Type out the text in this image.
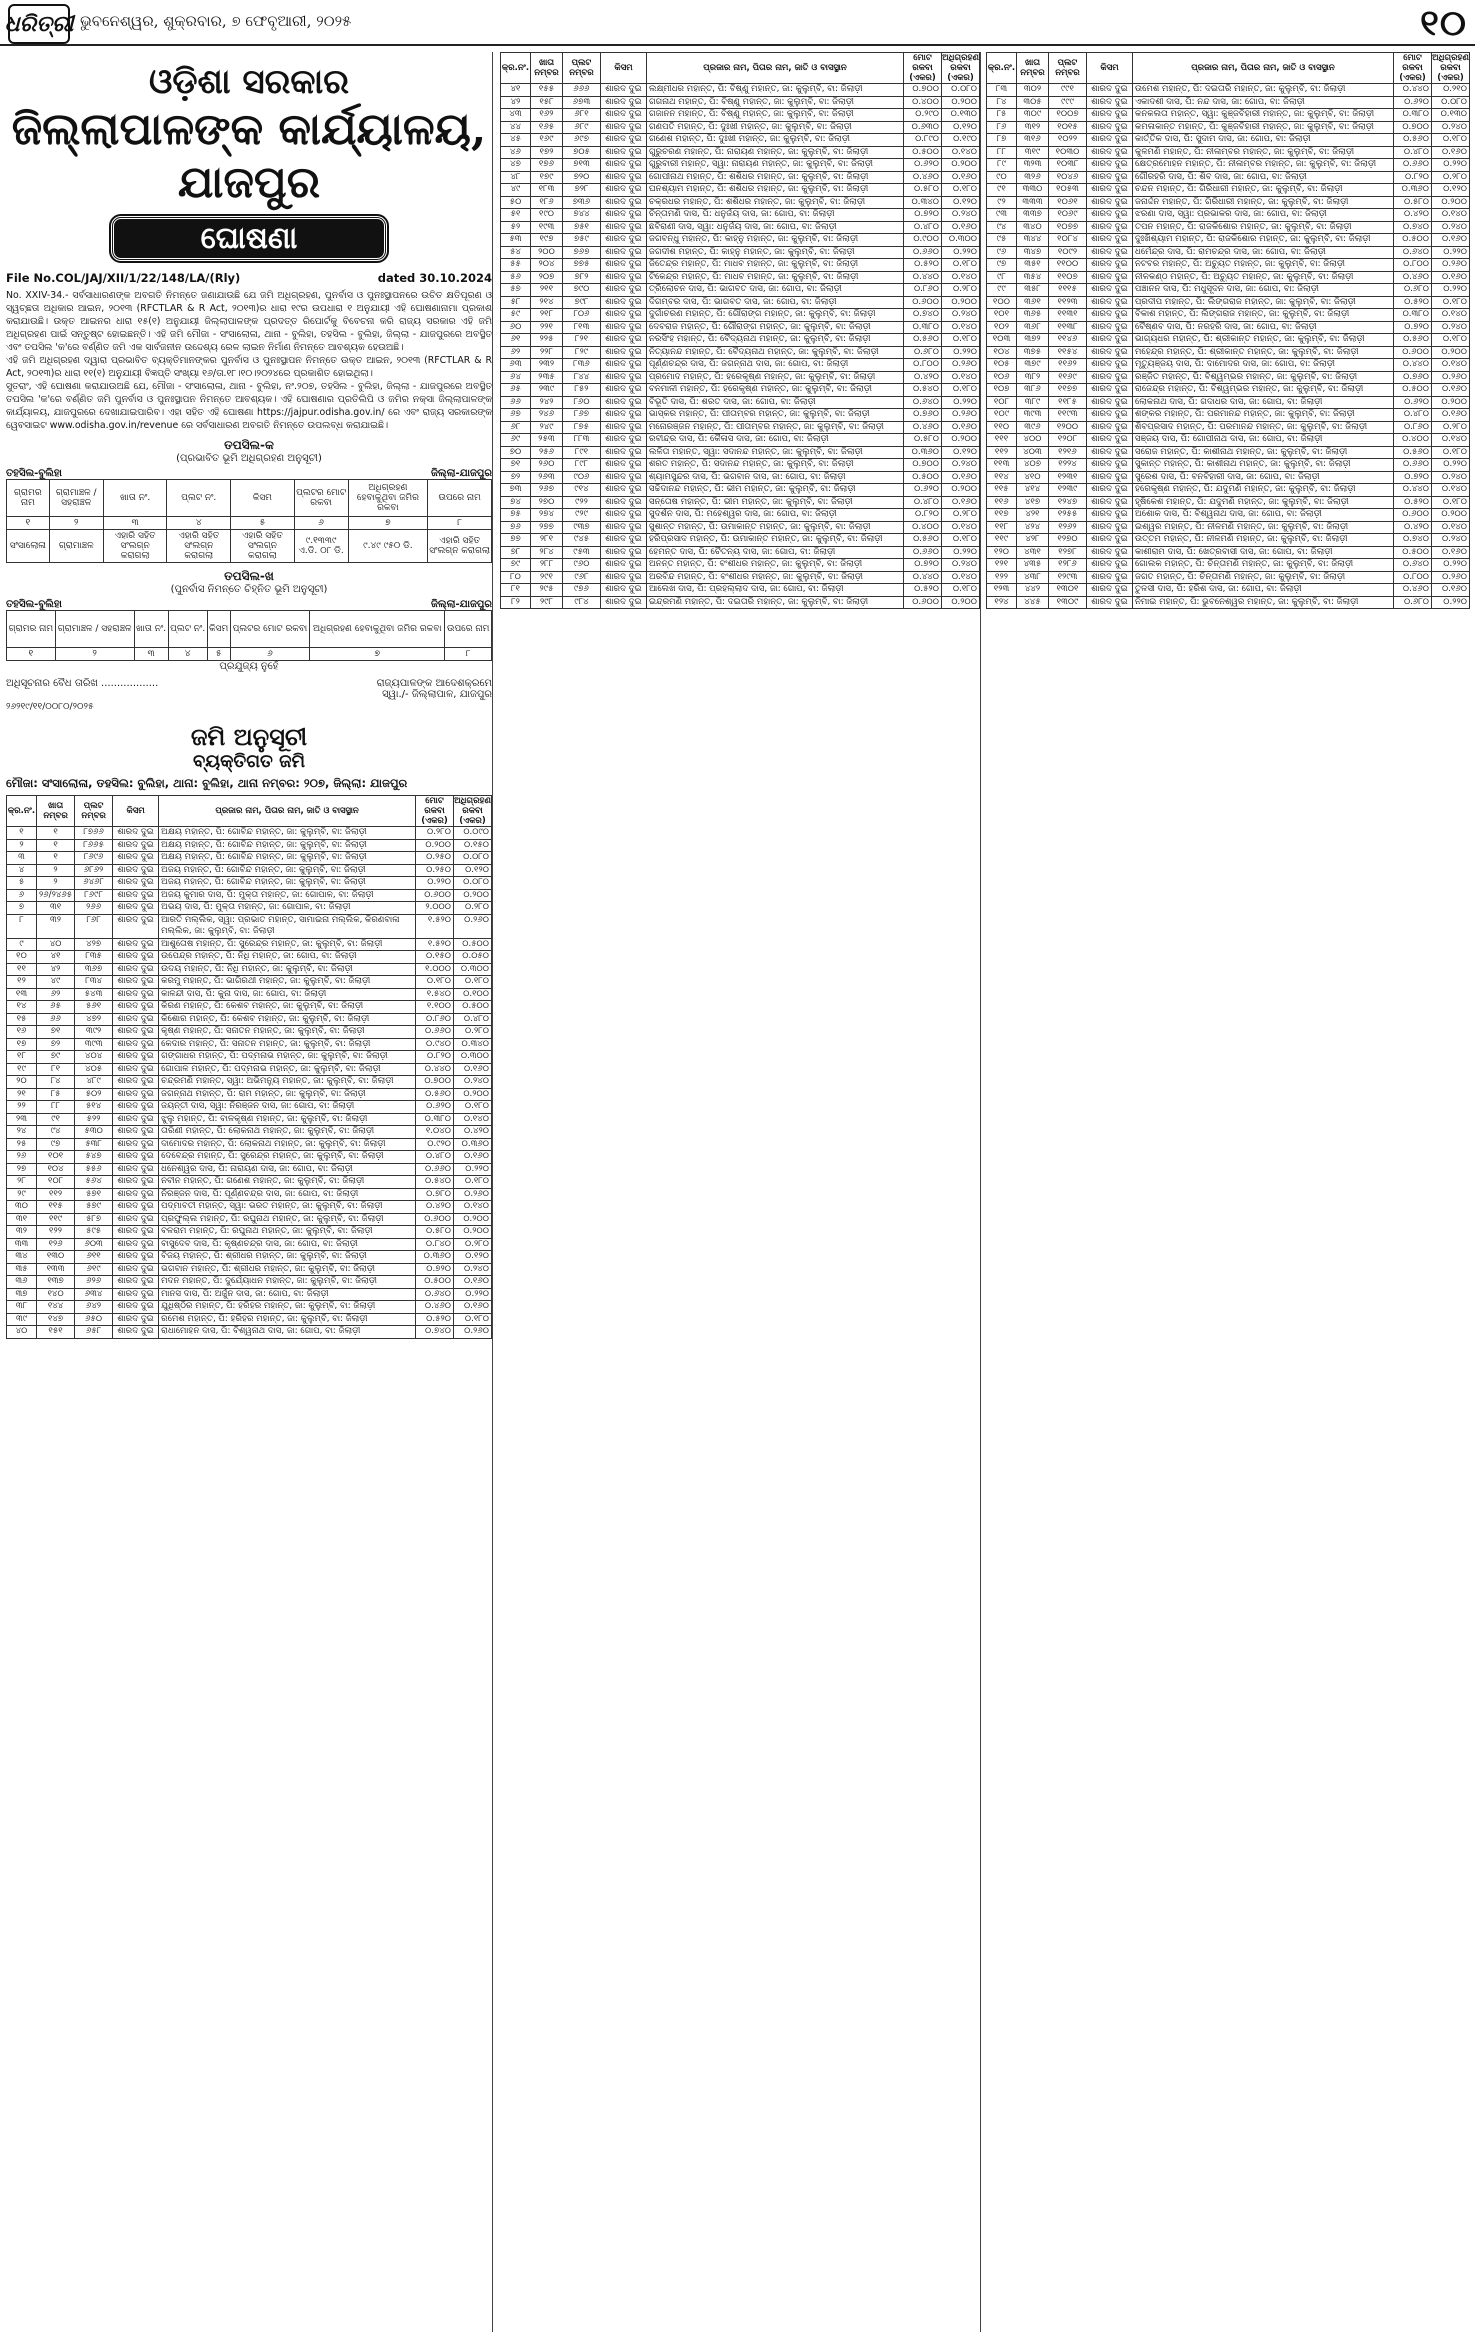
ଧରିତ୍ରୀ ଭୁବନେଶ୍ୱର, ଶୁକ୍ରବାର, ୭ ଫେବୃଆରୀ, ୨୦୨୫	୧୦
ଓଡ଼ିଶା ସରକାର
ଜିଲ୍ଲାପାଳଙ୍କ କାର୍ଯ୍ୟାଳୟ,
ଯାଜପୁର
ଘୋଷଣା
File No.COL/JAJ/XII/1/22/148/LA/(Rly)	dated 30.10.2024
No. XXIV-34.- ସର୍ବସାଧାରଣଙ୍କ ଅବଗତି ନିମନ୍ତେ ଜଣାଯାଉଛି ଯେ ଜମି ଅଧିଗ୍ରହଣ, ପୁନର୍ବାସ ଓ ପୁନଃସ୍ଥାପନରେ ଉଚିତ କ୍ଷତିପୂରଣ ଓ ସ୍ୱଚ୍ଛତା ଅଧିକାର ଆଇନ, ୨୦୧୩ (RFCTLAR & R Act, ୨୦୧୩)ର ଧାରା ୧୯ର ଉପଧାରା ୧ ଅନୁଯାୟୀ ଏହି ଘୋଷଣାନାମା ପ୍ରକାଶ କରାଯାଉଛି। ଉକ୍ତ ଆଇନର ଧାରା ୧୫(୧) ଅନୁଯାୟୀ ଜିଲ୍ଲାପାଳଙ୍କ ପ୍ରଦତ୍ତ ରିପୋର୍ଟକୁ ବିବେଚନା କରି ରାଜ୍ୟ ସରକାର ଏହି ଜମି ଅଧିଗ୍ରହଣ ପାଇଁ ସନ୍ତୁଷ୍ଟ ହୋଇଛନ୍ତି। ଏହି ଜମି ମୌଜା - ସଂସାଲୋଳା, ଥାନା - ବୁଲିହା, ତହସିଲ - ବୁଲିହା, ଜିଲ୍ଲା - ଯାଜପୁରରେ ଅବସ୍ଥିତ ଏବଂ ତପସିଲ 'କ'ରେ ବର୍ଣ୍ଣିତ ଜମି ଏକ ସାର୍ବଜନୀନ ଉଦ୍ଦେଶ୍ୟ ରେଳ ଲାଇନ ନିର୍ମାଣ ନିମନ୍ତେ ଆବଶ୍ୟକ ହେଉଅଛି।
ଏହି ଜମି ଅଧିଗ୍ରହଣ ଦ୍ୱାରା ପ୍ରଭାବିତ ବ୍ୟକ୍ତିମାନଙ୍କର ପୁନର୍ବାସ ଓ ପୁନଃସ୍ଥାପନ ନିମନ୍ତେ ଉକ୍ତ ଆଇନ, ୨୦୧୩ (RFCTLAR & R Act, ୨୦୧୩)ର ଧାରା ୧୧(୧) ଅନୁଯାୟୀ ବିଜ୍ଞପ୍ତି ସଂଖ୍ୟା ୧୬/ତା.୧୮।୧୦।୨୦୨୪ରେ ପ୍ରକାଶିତ ହୋଇଥିଲା।
ସୁତରାଂ, ଏହି ଘୋଷଣା କରାଯାଉଅଛି ଯେ, ମୌଜା - ସଂସାଲୋଳା, ଥାନା - ବୁଲିହା, ନଂ.୨୦୭, ତହସିଲ - ବୁଲିହା, ଜିଲ୍ଲା - ଯାଜପୁରରେ ଅବସ୍ଥିତ ତପସିଲ 'କ'ରେ ବର୍ଣ୍ଣିତ ଜମି ପୁନର୍ବାସ ଓ ପୁନଃସ୍ଥାପନ ନିମନ୍ତେ ଆବଶ୍ୟକ। ଏହି ଘୋଷଣାର ପ୍ରତିଲିପି ଓ ଜମିର ନକ୍ସା ଜିଲ୍ଲାପାଳଙ୍କ କାର୍ଯ୍ୟାଳୟ, ଯାଜପୁରରେ ଦେଖାଯାଇପାରିବ। ଏହା ସହିତ ଏହି ଘୋଷଣା https://jajpur.odisha.gov.in/ ରେ ଏବଂ ରାଜ୍ୟ ସରକାରଙ୍କ ୱେବସାଇଟ www.odisha.gov.in/revenue ରେ ସର୍ବସାଧାରଣ ଅବଗତି ନିମନ୍ତେ ଉପଲବ୍ଧ କରାଯାଇଛି।
ତପସିଲ-କ
(ପ୍ରଭାବିତ ଭୂମି ଅଧିଗ୍ରହଣ ଅନୁସୂଚୀ)
ତହସିଲ-ବୁଲିହା	ଜିଲ୍ଲା-ଯାଜପୁର
ଗ୍ରାମର ନାମ	ଗ୍ରାମାଞ୍ଚଳ / ସହରାଞ୍ଚଳ	ଖାତା ନଂ.	ପ୍ଲଟ ନଂ.	କିସମ	ପ୍ଲଟର ମୋଟ ରକବା	ଅଧିଗ୍ରହଣ ହେବାକୁଥିବା ଜମିର ରକବା	ଉପରେ ନାମ
୧	୨	୩	୪	୫	୬	୭	୮
ସଂସାଲୋଳା	ଗ୍ରାମାଞ୍ଚଳ	ଏହାରି ସହିତ ସଂଲଗ୍ନ କରାଗଲା	ଏହାରି ସହିତ ସଂଲଗ୍ନ କରାଗଲା	ଏହାରି ସହିତ ସଂଲଗ୍ନ କରାଗଲା	୯.୧୩୩୯ ଏ.ଡି. ୦୮ ଡି.	୯.୪୯ ୯୫୦ ଡି.	ଏହାରି ସହିତ ସଂଲଗ୍ନ କରାଗଲା
ତପସିଲ-ଖ
(ପୁନର୍ବାସ ନିମନ୍ତେ ଚିହ୍ନିତ ଭୂମି ଅନୁସୂଚୀ)
ତହସିଲ-ବୁଲିହା	ଜିଲ୍ଲା-ଯାଜପୁର
ଗ୍ରାମର ନାମ	ଗ୍ରାମାଞ୍ଚଳ / ସହରାଞ୍ଚଳ	ଖାତା ନଂ.	ପ୍ଲଟ ନଂ.	କିସମ	ପ୍ଲଟର ମୋଟ ରକବା	ଅଧିଗ୍ରହଣ ହେବାକୁଥିବା ଜମିର ରକବା	ଉପରେ ନାମ
୧	୨	୩	୪	୫	୬	୭	୮
ପ୍ରଯୁଜ୍ୟ ନୁହେଁ
ଅଧିସୂଚନାର ବୈଧ ତାରିଖ ..................	ରାଜ୍ୟପାଳଙ୍କ ଆଦେଶକ୍ରମେ
ସ୍ୱା./- ଜିଲ୍ଲାପାଳ, ଯାଜପୁର
୨୬୨୧୯/୧୧/୦୦୮୦/୨୦୨୫
ଜମି ଅନୁସୂଚୀ
ବ୍ୟକ୍ତିଗତ ଜମି
ମୌଜା: ସଂସାଲୋଳା, ତହସିଲ: ବୁଲିହା, ଥାନା: ବୁଲିହା, ଥାନା ନମ୍ବର: ୨୦୭, ଜିଲ୍ଲା: ଯାଜପୁର
କ୍ର.ନଂ.	ଖାତା ନମ୍ବର	ପ୍ଲଟ ନମ୍ବର	କିସମ	ପ୍ରଜାର ନାମ, ପିତାର ନାମ, ଜାତି ଓ ବାସସ୍ଥାନ	ମୋଟ ରକବା (ଏକର)	ଅଧିଗ୍ରହଣ ରକବା (ଏକର)
୧	୧	୮୭୬୬	ଶାରଦ ଦୁଇ	ଅକ୍ଷୟ ମହାନ୍ତ, ପି: ଗୋବିନ୍ଦ ମହାନ୍ତ, ଜା: କୁଲୁମ୍ବି, ବା: ଜିଲାଡ଼ୀ	୦.୨୮୦	୦.୦୯୦
୨	୧	୮୬୬୫	ଶାରଦ ଦୁଇ	ଅକ୍ଷୟ ମହାନ୍ତ, ପି: ଗୋବିନ୍ଦ ମହାନ୍ତ, ଜା: କୁଲୁମ୍ବି, ବା: ଜିଲାଡ଼ୀ	୦.୨୦୦	୦.୧୫୦
୩	୧	୮୬୯୬	ଶାରଦ ଦୁଇ	ଅକ୍ଷୟ ମହାନ୍ତ, ପି: ଗୋବିନ୍ଦ ମହାନ୍ତ, ଜା: କୁଲୁମ୍ବି, ବା: ଜିଲାଡ଼ୀ	୦.୨୫୦	୦.୦୮୦
୪	୨	୬୮୬୨	ଶାରଦ ଦୁଇ	ଅଜୟ ମହାନ୍ତ, ପି: ଗୋବିନ୍ଦ ମହାନ୍ତ, ଜା: କୁଲୁମ୍ବି, ବା: ଜିଲାଡ଼ୀ	୦.୨୫୦	୦.୧୨୦
୫	୨	୬୪୬୮	ଶାରଦ ଦୁଇ	ଅଜୟ ମହାନ୍ତ, ପି: ଗୋବିନ୍ଦ ମହାନ୍ତ, ଜା: କୁଲୁମ୍ବି, ବା: ଜିଲାଡ଼ୀ	୦.୨୨୦	୦.୦୮୦
୬	୨୬/୨୪୬୫	୮୬୯୮	ଶାରଦ ଦୁଇ	ଅଜୟ କୁମାର ଦାସ, ପି: ମୁକ୍ତା ମହାନ୍ତ, ଜା: ଗୋପାଳ, ବା: ଜିଲାଡ଼ୀ	୦.୬୦୦	୦.୨୦୦
୭	୩୧	୨୬୬	ଶାରଦ ଦୁଇ	ଅଭୟ ଦାସ, ପି: ମୁକ୍ତା ମହାନ୍ତ, ଜା: ଗୋପାଳ, ବା: ଜିଲାଡ଼ୀ	୨.୦୦୦	୦.୨୮୦
୮	୩୨	୮୬୮	ଶାରଦ ଦୁଇ	ଆରତି ମଲ୍ଲିକ, ସ୍ୱା: ପ୍ରଭାତ ମହାନ୍ତ, ସାମାଇନା ମଲ୍ଲିକ, କିରଣବାଳା ମଲ୍ଲିକ, ଜା: କୁଲୁମ୍ବି, ବା: ଜିଲାଡ଼ୀ	୧.୫୨୦	୦.୨୬୦
୯	୪୦	୪୨୭	ଶାରଦ ଦୁଇ	ଆଶୁତୋଷ ମହାନ୍ତ, ପି: ସୁରେନ୍ଦ୍ର ମହାନ୍ତ, ଜା: କୁଲୁମ୍ବି, ବା: ଜିଲାଡ଼ୀ	୧.୫୨୦	୦.୫୦୦
୧୦	୪୧	୮୩୫	ଶାରଦ ଦୁଇ	ଉପେନ୍ଦ୍ର ମହାନ୍ତ, ପି: ନିଧି ମହାନ୍ତ, ଜା: ଗୋପ, ବା: ଜିଲାଡ଼ୀ	୦.୧୫୦	୦.୦୫୦
୧୧	୪୨	୩୬୭	ଶାରଦ ଦୁଇ	ଉଦୟ ମହାନ୍ତ, ପି: ନିଧି ମହାନ୍ତ, ଜା: କୁଲୁମ୍ବି, ବା: ଜିଲାଡ଼ୀ	୧.୦୦୦	୦.୩୦୦
୧୨	୪୯	୮୩୪	ଶାରଦ ଦୁଇ	କରମୁ ମହାନ୍ତ, ପି: ଭାଗିରଥୀ ମହାନ୍ତ, ଜା: କୁଲୁମ୍ବି, ବା: ଜିଲାଡ଼ୀ	୦.୧୮୦	୦.୧୮୦
୧୩	୬୨	୫୪୩	ଶାରଦ ଦୁଇ	କାଳନ୍ଦୀ ଦାସ, ପି: କୁନା ଦାସ, ଜା: ଗୋପ, ବା: ଜିଲାଡ଼ୀ	୧.୫୪୦	୦.୧୦୦
୧୪	୬୫	୫୬୧	ଶାରଦ ଦୁଇ	କିରଣ ମହାନ୍ତ, ପି: କେଶବ ମହାନ୍ତ, ଜା: କୁଲୁମ୍ବି, ବା: ଜିଲାଡ଼ୀ	୧.୧୦୦	୦.୫୦୦
୧୫	୬୬	୪୭୨	ଶାରଦ ଦୁଇ	କିଶୋର ମହାନ୍ତ, ପି: କେଶବ ମହାନ୍ତ, ଜା: କୁଲୁମ୍ବି, ବା: ଜିଲାଡ଼ୀ	୦.୮୬୦	୦.୪୮୦
୧୬	୭୧	୩୯୨	ଶାରଦ ଦୁଇ	କୃଷ୍ଣ ମହାନ୍ତ, ପି: ସନାତନ ମହାନ୍ତ, ଜା: କୁଲୁମ୍ବି, ବା: ଜିଲାଡ଼ୀ	୦.୬୬୦	୦.୨୮୦
୧୭	୭୨	୩୯୩	ଶାରଦ ଦୁଇ	କେଦାର ମହାନ୍ତ, ପି: ସନାତନ ମହାନ୍ତ, ଜା: କୁଲୁମ୍ବି, ବା: ଜିଲାଡ଼ୀ	୦.୯୪୦	୦.୩୪୦
୧୮	୭୯	୪୦୪	ଶାରଦ ଦୁଇ	ଗଙ୍ଗାଧର ମହାନ୍ତ, ପି: ପଦ୍ମନାଭ ମହାନ୍ତ, ଜା: କୁଲୁମ୍ବି, ବା: ଜିଲାଡ଼ୀ	୦.୮୨୦	୦.୩୦୦
୧୯	୮୧	୪୦୫	ଶାରଦ ଦୁଇ	ଗୋପାଳ ମହାନ୍ତ, ପି: ପଦ୍ମନାଭ ମହାନ୍ତ, ଜା: କୁଲୁମ୍ବି, ବା: ଜିଲାଡ଼ୀ	୦.୪୪୦	୦.୧୬୦
୨୦	୮୪	୪୮୯	ଶାରଦ ଦୁଇ	ଚନ୍ଦ୍ରମଣି ମହାନ୍ତ, ସ୍ୱା: ଅଭିମନ୍ୟୁ ମହାନ୍ତ, ଜା: କୁଲୁମ୍ବି, ବା: ଜିଲାଡ଼ୀ	୦.୭୦୦	୦.୨୪୦
୨୧	୮୫	୫୦୨	ଶାରଦ ଦୁଇ	ଜଗନ୍ନାଥ ମହାନ୍ତ, ପି: ରାମ ମହାନ୍ତ, ଜା: କୁଲୁମ୍ବି, ବା: ଜିଲାଡ଼ୀ	୦.୫୬୦	୦.୨୦୦
୨୨	୮୮	୫୧୪	ଶାରଦ ଦୁଇ	ଜୟନ୍ତୀ ଦାସ, ସ୍ୱା: ନିରଞ୍ଜନ ଦାସ, ଜା: ଗୋପ, ବା: ଜିଲାଡ଼ୀ	୦.୬୨୦	୦.୧୮୦
୨୩	୯୧	୫୨୨	ଶାରଦ ଦୁଇ	ଝୁଲୁ ମହାନ୍ତ, ପି: ବାଳକୃଷ୍ଣ ମହାନ୍ତ, ଜା: କୁଲୁମ୍ବି, ବା: ଜିଲାଡ଼ୀ	୦.୩୮୦	୦.୧୪୦
୨୪	୯୪	୫୩୦	ଶାରଦ ଦୁଇ	ତାରିଣୀ ମହାନ୍ତ, ପି: ଲୋକନାଥ ମହାନ୍ତ, ଜା: କୁଲୁମ୍ବି, ବା: ଜିଲାଡ଼ୀ	୧.୦୪୦	୦.୪୨୦
୨୫	୯୭	୫୩୮	ଶାରଦ ଦୁଇ	ଦାମୋଦର ମହାନ୍ତ, ପି: ଲୋକନାଥ ମହାନ୍ତ, ଜା: କୁଲୁମ୍ବି, ବା: ଜିଲାଡ଼ୀ	୦.୯୨୦	୦.୩୬୦
୨୬	୧୦୧	୫୪୭	ଶାରଦ ଦୁଇ	ଦେବେନ୍ଦ୍ର ମହାନ୍ତ, ପି: ସୁରେନ୍ଦ୍ର ମହାନ୍ତ, ଜା: କୁଲୁମ୍ବି, ବା: ଜିଲାଡ଼ୀ	୦.୪୮୦	୦.୧୬୦
୨୭	୧୦୪	୫୫୬	ଶାରଦ ଦୁଇ	ଧନେଶ୍ୱର ଦାସ, ପି: ନାରାୟଣ ଦାସ, ଜା: ଗୋପ, ବା: ଜିଲାଡ଼ୀ	୦.୬୬୦	୦.୨୨୦
୨୮	୧୦୮	୫୬୪	ଶାରଦ ଦୁଇ	ନବୀନ ମହାନ୍ତ, ପି: ଗଣେଶ ମହାନ୍ତ, ଜା: କୁଲୁମ୍ବି, ବା: ଜିଲାଡ଼ୀ	୦.୫୪୦	୦.୧୮୦
୨୯	୧୧୨	୫୭୧	ଶାରଦ ଦୁଇ	ନିରଞ୍ଜନ ଦାସ, ପି: ପୂର୍ଣ୍ଣଚନ୍ଦ୍ର ଦାସ, ଜା: ଗୋପ, ବା: ଜିଲାଡ଼ୀ	୦.୭୮୦	୦.୨୬୦
୩୦	୧୧୫	୫୭୯	ଶାରଦ ଦୁଇ	ପଦ୍ମାବତୀ ମହାନ୍ତ, ସ୍ୱା: ଭରତ ମହାନ୍ତ, ଜା: କୁଲୁମ୍ବି, ବା: ଜିଲାଡ଼ୀ	୦.୪୨୦	୦.୧୪୦
୩୧	୧୧୯	୫୮୭	ଶାରଦ ଦୁଇ	ପ୍ରଫୁଲ୍ଲ ମହାନ୍ତ, ପି: ରଘୁନାଥ ମହାନ୍ତ, ଜା: କୁଲୁମ୍ବି, ବା: ଜିଲାଡ଼ୀ	୦.୬୦୦	୦.୨୦୦
୩୨	୧୨୨	୫୯୫	ଶାରଦ ଦୁଇ	ବଳରାମ ମହାନ୍ତ, ପି: ରଘୁନାଥ ମହାନ୍ତ, ଜା: କୁଲୁମ୍ବି, ବା: ଜିଲାଡ଼ୀ	୦.୫୮୦	୦.୨୦୦
୩୩	୧୨୬	୬୦୩	ଶାରଦ ଦୁଇ	ବାସୁଦେବ ଦାସ, ପି: କୃଷ୍ଣଚନ୍ଦ୍ର ଦାସ, ଜା: ଗୋପ, ବା: ଜିଲାଡ଼ୀ	୦.୮୪୦	୦.୨୮୦
୩୪	୧୩୦	୬୧୧	ଶାରଦ ଦୁଇ	ବିଜୟ ମହାନ୍ତ, ପି: ଶ୍ରୀଧର ମହାନ୍ତ, ଜା: କୁଲୁମ୍ବି, ବା: ଜିଲାଡ଼ୀ	୦.୩୬୦	୦.୧୨୦
୩୫	୧୩୩	୬୧୯	ଶାରଦ ଦୁଇ	ଭଗବାନ ମହାନ୍ତ, ପି: ଶ୍ରୀଧର ମହାନ୍ତ, ଜା: କୁଲୁମ୍ବି, ବା: ଜିଲାଡ଼ୀ	୦.୭୨୦	୦.୨୪୦
୩୬	୧୩୭	୬୨୬	ଶାରଦ ଦୁଇ	ମଦନ ମହାନ୍ତ, ପି: ଦୁର୍ଯ୍ୟୋଧନ ମହାନ୍ତ, ଜା: କୁଲୁମ୍ବି, ବା: ଜିଲାଡ଼ୀ	୦.୫୦୦	୦.୧୬୦
୩୭	୧୪୦	୬୩୪	ଶାରଦ ଦୁଇ	ମାନସ ଦାସ, ପି: ଅର୍ଜୁନ ଦାସ, ଜା: ଗୋପ, ବା: ଜିଲାଡ଼ୀ	୦.୬୪୦	୦.୨୨୦
୩୮	୧୪୪	୬୪୨	ଶାରଦ ଦୁଇ	ଯୁଧିଷ୍ଠିର ମହାନ୍ତ, ପି: ହରିହର ମହାନ୍ତ, ଜା: କୁଲୁମ୍ବି, ବା: ଜିଲାଡ଼ୀ	୦.୪୬୦	୦.୧୬୦
୩୯	୧୪୭	୬୫୦	ଶାରଦ ଦୁଇ	ରମେଶ ମହାନ୍ତ, ପି: ହରିହର ମହାନ୍ତ, ଜା: କୁଲୁମ୍ବି, ବା: ଜିଲାଡ଼ୀ	୦.୫୨୦	୦.୧୮୦
୪୦	୧୫୧	୬୫୮	ଶାରଦ ଦୁଇ	ରାଧାମୋହନ ଦାସ, ପି: ବିଶ୍ୱନାଥ ଦାସ, ଜା: ଗୋପ, ବା: ଜିଲାଡ଼ୀ	୦.୭୪୦	୦.୨୬୦
କ୍ର.ନଂ.	ଖାତା ନମ୍ବର	ପ୍ଲଟ ନମ୍ବର	କିସମ	ପ୍ରଜାର ନାମ, ପିତାର ନାମ, ଜାତି ଓ ବାସସ୍ଥାନ	ମୋଟ ରକବା (ଏକର)	ଅଧିଗ୍ରହଣ ରକବା (ଏକର)
୪୧	୧୫୫	୬୬୬	ଶାରଦ ଦୁଇ	ଲକ୍ଷ୍ମୀଧର ମହାନ୍ତ, ପି: ବିଷ୍ଣୁ ମହାନ୍ତ, ଜା: କୁଲୁମ୍ବି, ବା: ଜିଲାଡ଼ୀ	୦.୭୦୦	୦.୦୮୦
୪୨	୧୫୮	୬୭୩	ଶାରଦ ଦୁଇ	ଗଗନାଥ ମହାନ୍ତ, ପି: ବିଷ୍ଣୁ ମହାନ୍ତ, ଜା: କୁଲୁମ୍ବି, ବା: ଜିଲାଡ଼ୀ	୦.୪୦୦	୦.୨୦୦
୪୩	୧୬୨	୬୮୧	ଶାରଦ ଦୁଇ	ଗଜାନନ ମହାନ୍ତ, ପି: ବିଷ୍ଣୁ ମହାନ୍ତ, ଜା: କୁଲୁମ୍ବି, ବା: ଜିଲାଡ଼ୀ	୦.୨୯୦	୦.୧୩୦
୪୪	୧୬୫	୬୮୯	ଶାରଦ ଦୁଇ	ଗଣପତି ମହାନ୍ତ, ପି: ଦୁଃଖୀ ମହାନ୍ତ, ଜା: କୁଲୁମ୍ବି, ବା: ଜିଲାଡ଼ୀ	୦.୬୩୦	୦.୧୨୦
୪୫	୧୬୯	୬୯୭	ଶାରଦ ଦୁଇ	ଗଣେଶ ମହାନ୍ତ, ପି: ଦୁଃଖୀ ମହାନ୍ତ, ଜା: କୁଲୁମ୍ବି, ବା: ଜିଲାଡ଼ୀ	୦.୮୯୦	୦.୧୯୦
୪୬	୧୭୨	୭୦୫	ଶାରଦ ଦୁଇ	ଗୁରୁଚରଣ ମହାନ୍ତ, ପି: ନାରାୟଣ ମହାନ୍ତ, ଜା: କୁଲୁମ୍ବି, ବା: ଜିଲାଡ଼ୀ	୦.୫୦୦	୦.୧୪୦
୪୭	୧୭୬	୭୧୩	ଶାରଦ ଦୁଇ	ଗୁରୁବାରୀ ମହାନ୍ତ, ସ୍ୱା: ନାରାୟଣ ମହାନ୍ତ, ଜା: କୁଲୁମ୍ବି, ବା: ଜିଲାଡ଼ୀ	୦.୬୨୦	୦.୨୦୦
୪୮	୧୭୯	୭୨୦	ଶାରଦ ଦୁଇ	ଗୋପୀନାଥ ମହାନ୍ତ, ପି: ଶଶିଧର ମହାନ୍ତ, ଜା: କୁଲୁମ୍ବି, ବା: ଜିଲାଡ଼ୀ	୦.୪୬୦	୦.୧୬୦
୪୯	୧୮୩	୭୨୮	ଶାରଦ ଦୁଇ	ଘନଶ୍ୟାମ ମହାନ୍ତ, ପି: ଶଶିଧର ମହାନ୍ତ, ଜା: କୁଲୁମ୍ବି, ବା: ଜିଲାଡ଼ୀ	୦.୫୮୦	୦.୧୮୦
୫୦	୧୮୬	୭୩୬	ଶାରଦ ଦୁଇ	ଚକ୍ରଧର ମହାନ୍ତ, ପି: ଶଶିଧର ମହାନ୍ତ, ଜା: କୁଲୁମ୍ବି, ବା: ଜିଲାଡ଼ୀ	୦.୩୪୦	୦.୧୨୦
୫୧	୧୯୦	୭୪୪	ଶାରଦ ଦୁଇ	ଚିନ୍ତାମଣି ଦାସ, ପି: ଧନୁର୍ଜୟ ଦାସ, ଜା: ଗୋପ, ବା: ଜିଲାଡ଼ୀ	୦.୭୨୦	୦.୨୪୦
୫୨	୧୯୩	୭୫୧	ଶାରଦ ଦୁଇ	ଛବିରାଣୀ ଦାସ, ସ୍ୱା: ଧନୁର୍ଜୟ ଦାସ, ଜା: ଗୋପ, ବା: ଜିଲାଡ଼ୀ	୦.୪୮୦	୦.୧୬୦
୫୩	୧୯୭	୭୫୯	ଶାରଦ ଦୁଇ	ଜଗବନ୍ଧୁ ମହାନ୍ତ, ପି: କାହ୍ନୁ ମହାନ୍ତ, ଜା: କୁଲୁମ୍ବି, ବା: ଜିଲାଡ଼ୀ	୦.୯୦୦	୦.୩୦୦
୫୪	୨୦୦	୭୬୭	ଶାରଦ ଦୁଇ	ଜଗଦୀଶ ମହାନ୍ତ, ପି: କାହ୍ନୁ ମହାନ୍ତ, ଜା: କୁଲୁମ୍ବି, ବା: ଜିଲାଡ଼ୀ	୦.୬୬୦	୦.୨୨୦
୫୫	୨୦୪	୭୭୫	ଶାରଦ ଦୁଇ	ଜିତେନ୍ଦ୍ର ମହାନ୍ତ, ପି: ମାଧବ ମହାନ୍ତ, ଜା: କୁଲୁମ୍ବି, ବା: ଜିଲାଡ଼ୀ	୦.୫୨୦	୦.୧୮୦
୫୬	୨୦୭	୭୮୨	ଶାରଦ ଦୁଇ	ଟିକେନ୍ଦ୍ର ମହାନ୍ତ, ପି: ମାଧବ ମହାନ୍ତ, ଜା: କୁଲୁମ୍ବି, ବା: ଜିଲାଡ଼ୀ	୦.୪୪୦	୦.୧୪୦
୫୭	୨୧୧	୭୯୦	ଶାରଦ ଦୁଇ	ତ୍ରିଲୋଚନ ଦାସ, ପି: ଭାଗବତ ଦାସ, ଜା: ଗୋପ, ବା: ଜିଲାଡ଼ୀ	୦.୮୬୦	୦.୨୮୦
୫୮	୨୧୪	୭୯୮	ଶାରଦ ଦୁଇ	ଦିଗମ୍ବର ଦାସ, ପି: ଭାଗବତ ଦାସ, ଜା: ଗୋପ, ବା: ଜିଲାଡ଼ୀ	୦.୬୦୦	୦.୨୦୦
୫୯	୨୧୮	୮୦୬	ଶାରଦ ଦୁଇ	ଦୁର୍ଗାଚରଣ ମହାନ୍ତ, ପି: ଗୌରାଙ୍ଗ ମହାନ୍ତ, ଜା: କୁଲୁମ୍ବି, ବା: ଜିଲାଡ଼ୀ	୦.୭୪୦	୦.୨୪୦
୬୦	୨୨୧	୮୧୩	ଶାରଦ ଦୁଇ	ଦେବରାଜ ମହାନ୍ତ, ପି: ଗୌରାଙ୍ଗ ମହାନ୍ତ, ଜା: କୁଲୁମ୍ବି, ବା: ଜିଲାଡ଼ୀ	୦.୩୮୦	୦.୧୪୦
୬୧	୨୨୫	୮୨୧	ଶାରଦ ଦୁଇ	ନରସିଂହ ମହାନ୍ତ, ପି: ବୈଦ୍ୟନାଥ ମହାନ୍ତ, ଜା: କୁଲୁମ୍ବି, ବା: ଜିଲାଡ଼ୀ	୦.୫୬୦	୦.୧୮୦
୬୨	୨୨୮	୮୨୯	ଶାରଦ ଦୁଇ	ନିତ୍ୟାନନ୍ଦ ମହାନ୍ତ, ପି: ବୈଦ୍ୟନାଥ ମହାନ୍ତ, ଜା: କୁଲୁମ୍ବି, ବା: ଜିଲାଡ଼ୀ	୦.୬୮୦	୦.୨୨୦
୬୩	୨୩୨	୮୩୬	ଶାରଦ ଦୁଇ	ପୂର୍ଣ୍ଣଚନ୍ଦ୍ର ଦାସ, ପି: ଜଗନ୍ନାଥ ଦାସ, ଜା: ଗୋପ, ବା: ଜିଲାଡ଼ୀ	୦.୮୦୦	୦.୨୬୦
୬୪	୨୩୫	୮୪୪	ଶାରଦ ଦୁଇ	ପ୍ରମୋଦ ମହାନ୍ତ, ପି: ହରେକୃଷ୍ଣ ମହାନ୍ତ, ଜା: କୁଲୁମ୍ବି, ବା: ଜିଲାଡ଼ୀ	୦.୪୨୦	୦.୧୪୦
୬୫	୨୩୯	୮୫୨	ଶାରଦ ଦୁଇ	ବନମାଳୀ ମହାନ୍ତ, ପି: ହରେକୃଷ୍ଣ ମହାନ୍ତ, ଜା: କୁଲୁମ୍ବି, ବା: ଜିଲାଡ଼ୀ	୦.୫୪୦	୦.୧୮୦
୬୬	୨୪୨	୮୬୦	ଶାରଦ ଦୁଇ	ବିଭୂତି ଦାସ, ପି: ଶରତ ଦାସ, ଜା: ଗୋପ, ବା: ଜିଲାଡ଼ୀ	୦.୬୪୦	୦.୨୨୦
୬୭	୨୪୬	୮୬୭	ଶାରଦ ଦୁଇ	ଭାସ୍କର ମହାନ୍ତ, ପି: ପୀତାମ୍ବର ମହାନ୍ତ, ଜା: କୁଲୁମ୍ବି, ବା: ଜିଲାଡ଼ୀ	୦.୭୬୦	୦.୨୬୦
୬୮	୨୪୯	୮୭୫	ଶାରଦ ଦୁଇ	ମନୋରଞ୍ଜନ ମହାନ୍ତ, ପି: ପୀତାମ୍ବର ମହାନ୍ତ, ଜା: କୁଲୁମ୍ବି, ବା: ଜିଲାଡ଼ୀ	୦.୪୬୦	୦.୧୬୦
୬୯	୨୫୩	୮୮୩	ଶାରଦ ଦୁଇ	ରବୀନ୍ଦ୍ର ଦାସ, ପି: କୈଳାସ ଦାସ, ଜା: ଗୋପ, ବା: ଜିଲାଡ଼ୀ	୦.୫୮୦	୦.୨୦୦
୭୦	୨୫୬	୮୯୧	ଶାରଦ ଦୁଇ	ଲଳିତା ମହାନ୍ତ, ସ୍ୱା: ସଦାନନ୍ଦ ମହାନ୍ତ, ଜା: କୁଲୁମ୍ବି, ବା: ଜିଲାଡ଼ୀ	୦.୩୬୦	୦.୧୨୦
୭୧	୨୬୦	୮୯୮	ଶାରଦ ଦୁଇ	ଶରତ ମହାନ୍ତ, ପି: ସଦାନନ୍ଦ ମହାନ୍ତ, ଜା: କୁଲୁମ୍ବି, ବା: ଜିଲାଡ଼ୀ	୦.୭୦୦	୦.୨୪୦
୭୨	୨୬୩	୯୦୬	ଶାରଦ ଦୁଇ	ଶ୍ୟାମସୁନ୍ଦର ଦାସ, ପି: ଭଗବାନ ଦାସ, ଜା: ଗୋପ, ବା: ଜିଲାଡ଼ୀ	୦.୫୦୦	୦.୧୬୦
୭୩	୨୬୭	୯୧୪	ଶାରଦ ଦୁଇ	ସଚ୍ଚିଦାନନ୍ଦ ମହାନ୍ତ, ପି: ଭୀମ ମହାନ୍ତ, ଜା: କୁଲୁମ୍ବି, ବା: ଜିଲାଡ଼ୀ	୦.୬୨୦	୦.୨୦୦
୭୪	୨୭୦	୯୨୨	ଶାରଦ ଦୁଇ	ସନ୍ତୋଷ ମହାନ୍ତ, ପି: ଭୀମ ମହାନ୍ତ, ଜା: କୁଲୁମ୍ବି, ବା: ଜିଲାଡ଼ୀ	୦.୪୮୦	୦.୧୬୦
୭୫	୨୭୪	୯୨୯	ଶାରଦ ଦୁଇ	ସୁଦର୍ଶନ ଦାସ, ପି: ମହେଶ୍ୱର ଦାସ, ଜା: ଗୋପ, ବା: ଜିଲାଡ଼ୀ	୦.୮୨୦	୦.୨୮୦
୭୬	୨୭୭	୯୩୭	ଶାରଦ ଦୁଇ	ସୁଶାନ୍ତ ମହାନ୍ତ, ପି: ଉମାକାନ୍ତ ମହାନ୍ତ, ଜା: କୁଲୁମ୍ବି, ବା: ଜିଲାଡ଼ୀ	୦.୪୦୦	୦.୧୪୦
୭୭	୨୮୧	୯୪୫	ଶାରଦ ଦୁଇ	ହରିପ୍ରସାଦ ମହାନ୍ତ, ପି: ଉମାକାନ୍ତ ମହାନ୍ତ, ଜା: କୁଲୁମ୍ବି, ବା: ଜିଲାଡ଼ୀ	୦.୫୬୦	୦.୧୮୦
୭୮	୨୮୪	୯୫୩	ଶାରଦ ଦୁଇ	ହେମନ୍ତ ଦାସ, ପି: ଚୈତନ୍ୟ ଦାସ, ଜା: ଗୋପ, ବା: ଜିଲାଡ଼ୀ	୦.୬୬୦	୦.୨୨୦
୭୯	୨୮୮	୯୬୦	ଶାରଦ ଦୁଇ	ଅନନ୍ତ ମହାନ୍ତ, ପି: ବଂଶୀଧର ମହାନ୍ତ, ଜା: କୁଲୁମ୍ବି, ବା: ଜିଲାଡ଼ୀ	୦.୭୨୦	୦.୨୪୦
୮୦	୨୯୧	୯୬୮	ଶାରଦ ଦୁଇ	ଅରବିନ୍ଦ ମହାନ୍ତ, ପି: ବଂଶୀଧର ମହାନ୍ତ, ଜା: କୁଲୁମ୍ବି, ବା: ଜିଲାଡ଼ୀ	୦.୪୪୦	୦.୧୪୦
୮୧	୨୯୫	୯୭୬	ଶାରଦ ଦୁଇ	ଆଲେଖ ଦାସ, ପି: ପ୍ରହଲ୍ଲାଦ ଦାସ, ଜା: ଗୋପ, ବା: ଜିଲାଡ଼ୀ	୦.୫୨୦	୦.୧୮୦
୮୨	୨୯୮	୯୮୪	ଶାରଦ ଦୁଇ	ଇନ୍ଦ୍ରମଣି ମହାନ୍ତ, ପି: ଦଇତାରି ମହାନ୍ତ, ଜା: କୁଲୁମ୍ବି, ବା: ଜିଲାଡ଼ୀ	୦.୬୦୦	୦.୨୦୦
କ୍ର.ନଂ.	ଖାତା ନମ୍ବର	ପ୍ଲଟ ନମ୍ବର	କିସମ	ପ୍ରଜାର ନାମ, ପିତାର ନାମ, ଜାତି ଓ ବାସସ୍ଥାନ	ମୋଟ ରକବା (ଏକର)	ଅଧିଗ୍ରହଣ ରକବା (ଏକର)
୮୩	୩୦୨	୯୯୧	ଶାରଦ ଦୁଇ	ଉମେଶ ମହାନ୍ତ, ପି: ଦଇତାରି ମହାନ୍ତ, ଜା: କୁଲୁମ୍ବି, ବା: ଜିଲାଡ଼ୀ	୦.୪୪୦	୦.୨୧୦
୮୪	୩୦୫	୯୯୯	ଶାରଦ ଦୁଇ	ଏକାଦଶୀ ଦାସ, ପି: ନନ୍ଦ ଦାସ, ଜା: ଗୋପ, ବା: ଜିଲାଡ଼ୀ	୦.୬୨୦	୦.୦୮୦
୮୫	୩୦୯	୧୦୦୭	ଶାରଦ ଦୁଇ	କନକଲତା ମହାନ୍ତ, ସ୍ୱା: କୁଞ୍ଜବିହାରୀ ମହାନ୍ତ, ଜା: କୁଲୁମ୍ବି, ବା: ଜିଲାଡ଼ୀ	୦.୩୮୦	୦.୧୩୦
୮୬	୩୧୨	୧୦୧୫	ଶାରଦ ଦୁଇ	କମଳାକାନ୍ତ ମହାନ୍ତ, ପି: କୁଞ୍ଜବିହାରୀ ମହାନ୍ତ, ଜା: କୁଲୁମ୍ବି, ବା: ଜିଲାଡ଼ୀ	୦.୭୦୦	୦.୨୪୦
୮୭	୩୧୬	୧୦୨୨	ଶାରଦ ଦୁଇ	କାର୍ତ୍ତିକ ଦାସ, ପି: ସୁଦାମ ଦାସ, ଜା: ଗୋପ, ବା: ଜିଲାଡ଼ୀ	୦.୫୬୦	୦.୧୮୦
୮୮	୩୧୯	୧୦୩୦	ଶାରଦ ଦୁଇ	କୁଳମଣି ମହାନ୍ତ, ପି: ନୀଳାମ୍ବର ମହାନ୍ତ, ଜା: କୁଲୁମ୍ବି, ବା: ଜିଲାଡ଼ୀ	୦.୪୮୦	୦.୧୬୦
୮୯	୩୨୩	୧୦୩୮	ଶାରଦ ଦୁଇ	କ୍ଷେତ୍ରମୋହନ ମହାନ୍ତ, ପି: ନୀଳାମ୍ବର ମହାନ୍ତ, ଜା: କୁଲୁମ୍ବି, ବା: ଜିଲାଡ଼ୀ	୦.୬୬୦	୦.୨୨୦
୯୦	୩୨୬	୧୦୪୬	ଶାରଦ ଦୁଇ	ଗୌରହରି ଦାସ, ପି: ଶିବ ଦାସ, ଜା: ଗୋପ, ବା: ଜିଲାଡ଼ୀ	୦.୮୨୦	୦.୨୮୦
୯୧	୩୩୦	୧୦୫୩	ଶାରଦ ଦୁଇ	ଚନ୍ଦନ ମହାନ୍ତ, ପି: ଗିରିଧାରୀ ମହାନ୍ତ, ଜା: କୁଲୁମ୍ବି, ବା: ଜିଲାଡ଼ୀ	୦.୩୬୦	୦.୧୨୦
୯୨	୩୩୩	୧୦୬୧	ଶାରଦ ଦୁଇ	ଜନାର୍ଦ୍ଦନ ମହାନ୍ତ, ପି: ଗିରିଧାରୀ ମହାନ୍ତ, ଜା: କୁଲୁମ୍ବି, ବା: ଜିଲାଡ଼ୀ	୦.୫୮୦	୦.୨୦୦
୯୩	୩୩୭	୧୦୬୯	ଶାରଦ ଦୁଇ	ଝରଣା ଦାସ, ସ୍ୱା: ପ୍ରଭାକର ଦାସ, ଜା: ଗୋପ, ବା: ଜିଲାଡ଼ୀ	୦.୪୨୦	୦.୧୪୦
୯୪	୩୪୦	୧୦୭୭	ଶାରଦ ଦୁଇ	ତପନ ମହାନ୍ତ, ପି: ରାଜକିଶୋର ମହାନ୍ତ, ଜା: କୁଲୁମ୍ବି, ବା: ଜିଲାଡ଼ୀ	୦.୭୪୦	୦.୨୪୦
୯୫	୩୪୪	୧୦୮୪	ଶାରଦ ଦୁଇ	ଦୁଃଖିଶ୍ୟାମ ମହାନ୍ତ, ପି: ରାଜକିଶୋର ମହାନ୍ତ, ଜା: କୁଲୁମ୍ବି, ବା: ଜିଲାଡ଼ୀ	୦.୫୦୦	୦.୧୬୦
୯୬	୩୪୭	୧୦୯୨	ଶାରଦ ଦୁଇ	ଧର୍ମେନ୍ଦ୍ର ଦାସ, ପି: ରାମଚନ୍ଦ୍ର ଦାସ, ଜା: ଗୋପ, ବା: ଜିଲାଡ଼ୀ	୦.୬୪୦	୦.୨୨୦
୯୭	୩୫୧	୧୧୦୦	ଶାରଦ ଦୁଇ	ନଟବର ମହାନ୍ତ, ପି: ଅଚ୍ୟୁତ ମହାନ୍ତ, ଜା: କୁଲୁମ୍ବି, ବା: ଜିଲାଡ଼ୀ	୦.୮୦୦	୦.୨୬୦
୯୮	୩୫୪	୧୧୦୭	ଶାରଦ ଦୁଇ	ନୀଳକଣ୍ଠ ମହାନ୍ତ, ପି: ଅଚ୍ୟୁତ ମହାନ୍ତ, ଜା: କୁଲୁମ୍ବି, ବା: ଜିଲାଡ଼ୀ	୦.୪୬୦	୦.୧୬୦
୯୯	୩୫୮	୧୧୧୫	ଶାରଦ ଦୁଇ	ପଞ୍ଚାନନ ଦାସ, ପି: ମଧୁସୂଦନ ଦାସ, ଜା: ଗୋପ, ବା: ଜିଲାଡ଼ୀ	୦.୬୮୦	୦.୨୨୦
୧୦୦	୩୬୧	୧୧୨୩	ଶାରଦ ଦୁଇ	ପ୍ରଦୀପ ମହାନ୍ତ, ପି: ଲିଙ୍ଗରାଜ ମହାନ୍ତ, ଜା: କୁଲୁମ୍ବି, ବା: ଜିଲାଡ଼ୀ	୦.୫୨୦	୦.୧୮୦
୧୦୧	୩୬୫	୧୧୩୧	ଶାରଦ ଦୁଇ	ବିକାଶ ମହାନ୍ତ, ପି: ଲିଙ୍ଗରାଜ ମହାନ୍ତ, ଜା: କୁଲୁମ୍ବି, ବା: ଜିଲାଡ଼ୀ	୦.୩୮୦	୦.୧୪୦
୧୦୨	୩୬୮	୧୧୩୮	ଶାରଦ ଦୁଇ	ବୈଷ୍ଣବ ଦାସ, ପି: ନରହରି ଦାସ, ଜା: ଗୋପ, ବା: ଜିଲାଡ଼ୀ	୦.୭୨୦	୦.୨୪୦
୧୦୩	୩୭୨	୧୧୪୬	ଶାରଦ ଦୁଇ	ଭାଗ୍ୟଧର ମହାନ୍ତ, ପି: ଶ୍ରୀକାନ୍ତ ମହାନ୍ତ, ଜା: କୁଲୁମ୍ବି, ବା: ଜିଲାଡ଼ୀ	୦.୫୬୦	୦.୧୮୦
୧୦୪	୩୭୫	୧୧୫୪	ଶାରଦ ଦୁଇ	ମହେନ୍ଦ୍ର ମହାନ୍ତ, ପି: ଶ୍ରୀକାନ୍ତ ମହାନ୍ତ, ଜା: କୁଲୁମ୍ବି, ବା: ଜିଲାଡ଼ୀ	୦.୬୦୦	୦.୨୦୦
୧୦୫	୩୭୯	୧୧୬୨	ଶାରଦ ଦୁଇ	ମୃତ୍ୟୁଞ୍ଜୟ ଦାସ, ପି: ଦାମୋଦର ଦାସ, ଜା: ଗୋପ, ବା: ଜିଲାଡ଼ୀ	୦.୪୪୦	୦.୧୪୦
୧୦୬	୩୮୨	୧୧୬୯	ଶାରଦ ଦୁଇ	ରଞ୍ଜିତ ମହାନ୍ତ, ପି: ବିଶ୍ୱମ୍ଭର ମହାନ୍ତ, ଜା: କୁଲୁମ୍ବି, ବା: ଜିଲାଡ଼ୀ	୦.୭୬୦	୦.୨୬୦
୧୦୭	୩୮୬	୧୧୭୭	ଶାରଦ ଦୁଇ	ରାଜେନ୍ଦ୍ର ମହାନ୍ତ, ପି: ବିଶ୍ୱମ୍ଭର ମହାନ୍ତ, ଜା: କୁଲୁମ୍ବି, ବା: ଜିଲାଡ଼ୀ	୦.୫୦୦	୦.୧୬୦
୧୦୮	୩୮୯	୧୧୮୫	ଶାରଦ ଦୁଇ	ଲୋକନାଥ ଦାସ, ପି: ଗଦାଧର ଦାସ, ଜା: ଗୋପ, ବା: ଜିଲାଡ଼ୀ	୦.୬୨୦	୦.୨୦୦
୧୦୯	୩୯୩	୧୧୯୩	ଶାରଦ ଦୁଇ	ଶଙ୍କର ମହାନ୍ତ, ପି: ପରମାନନ୍ଦ ମହାନ୍ତ, ଜା: କୁଲୁମ୍ବି, ବା: ଜିଲାଡ଼ୀ	୦.୪୮୦	୦.୧୬୦
୧୧୦	୩୯୬	୧୨୦୦	ଶାରଦ ଦୁଇ	ଶିବପ୍ରସାଦ ମହାନ୍ତ, ପି: ପରମାନନ୍ଦ ମହାନ୍ତ, ଜା: କୁଲୁମ୍ବି, ବା: ଜିଲାଡ଼ୀ	୦.୮୬୦	୦.୨୮୦
୧୧୧	୪୦୦	୧୨୦୮	ଶାରଦ ଦୁଇ	ସଞ୍ଜୟ ଦାସ, ପି: ଗୋପୀନାଥ ଦାସ, ଜା: ଗୋପ, ବା: ଜିଲାଡ଼ୀ	୦.୪୦୦	୦.୧୪୦
୧୧୨	୪୦୩	୧୨୧୬	ଶାରଦ ଦୁଇ	ସରୋଜ ମହାନ୍ତ, ପି: କାଶୀନାଥ ମହାନ୍ତ, ଜା: କୁଲୁମ୍ବି, ବା: ଜିଲାଡ଼ୀ	୦.୫୬୦	୦.୧୮୦
୧୧୩	୪୦୭	୧୨୨୪	ଶାରଦ ଦୁଇ	ସୁକାନ୍ତ ମହାନ୍ତ, ପି: କାଶୀନାଥ ମହାନ୍ତ, ଜା: କୁଲୁମ୍ବି, ବା: ଜିଲାଡ଼ୀ	୦.୬୬୦	୦.୨୨୦
୧୧୪	୪୧୦	୧୨୩୧	ଶାରଦ ଦୁଇ	ସୁରେଶ ଦାସ, ପି: ବନବିହାରୀ ଦାସ, ଜା: ଗୋପ, ବା: ଜିଲାଡ଼ୀ	୦.୭୨୦	୦.୨୪୦
୧୧୫	୪୧୪	୧୨୩୯	ଶାରଦ ଦୁଇ	ହରେକୃଷ୍ଣ ମହାନ୍ତ, ପି: ଯଦୁମଣି ମହାନ୍ତ, ଜା: କୁଲୁମ୍ବି, ବା: ଜିଲାଡ଼ୀ	୦.୪୪୦	୦.୧୪୦
୧୧୬	୪୧୭	୧୨୪୭	ଶାରଦ ଦୁଇ	ହୃଷିକେଶ ମହାନ୍ତ, ପି: ଯଦୁମଣି ମହାନ୍ତ, ଜା: କୁଲୁମ୍ବି, ବା: ଜିଲାଡ଼ୀ	୦.୫୨୦	୦.୧୮୦
୧୧୭	୪୨୧	୧୨୫୫	ଶାରଦ ଦୁଇ	ଅଶୋକ ଦାସ, ପି: ବିଶ୍ୱନାଥ ଦାସ, ଜା: ଗୋପ, ବା: ଜିଲାଡ଼ୀ	୦.୬୦୦	୦.୨୦୦
୧୧୮	୪୨୪	୧୨୬୨	ଶାରଦ ଦୁଇ	ଇଶ୍ୱର ମହାନ୍ତ, ପି: ନୀଳମଣି ମହାନ୍ତ, ଜା: କୁଲୁମ୍ବି, ବା: ଜିଲାଡ଼ୀ	୦.୪୨୦	୦.୧୪୦
୧୧୯	୪୨୮	୧୨୭୦	ଶାରଦ ଦୁଇ	ଉତ୍ତମ ମହାନ୍ତ, ପି: ନୀଳମଣି ମହାନ୍ତ, ଜା: କୁଲୁମ୍ବି, ବା: ଜିଲାଡ଼ୀ	୦.୭୪୦	୦.୨୪୦
୧୨୦	୪୩୧	୧୨୭୮	ଶାରଦ ଦୁଇ	କାଶୀରାମ ଦାସ, ପି: ଖେତ୍ରବାସୀ ଦାସ, ଜା: ଗୋପ, ବା: ଜିଲାଡ଼ୀ	୦.୫୦୦	୦.୧୬୦
୧୨୧	୪୩୫	୧୨୮୬	ଶାରଦ ଦୁଇ	ଗୋଲକ ମହାନ୍ତ, ପି: ଚିନ୍ତାମଣି ମହାନ୍ତ, ଜା: କୁଲୁମ୍ବି, ବା: ଜିଲାଡ଼ୀ	୦.୬୪୦	୦.୨୨୦
୧୨୨	୪୩୮	୧୨୯୩	ଶାରଦ ଦୁଇ	ଜଗତ ମହାନ୍ତ, ପି: ଚିନ୍ତାମଣି ମହାନ୍ତ, ଜା: କୁଲୁମ୍ବି, ବା: ଜିଲାଡ଼ୀ	୦.୮୦୦	୦.୨୬୦
୧୨୩	୪୪୨	୧୩୦୧	ଶାରଦ ଦୁଇ	ତୁଳସୀ ଦାସ, ପି: ହରିଶ ଦାସ, ଜା: ଗୋପ, ବା: ଜିଲାଡ଼ୀ	୦.୪୬୦	୦.୧୬୦
୧୨୪	୪୪୫	୧୩୦୯	ଶାରଦ ଦୁଇ	ନିମାଇ ମହାନ୍ତ, ପି: ଭୁବନେଶ୍ୱର ମହାନ୍ତ, ଜା: କୁଲୁମ୍ବି, ବା: ଜିଲାଡ଼ୀ	୦.୬୮୦	୦.୨୨୦
